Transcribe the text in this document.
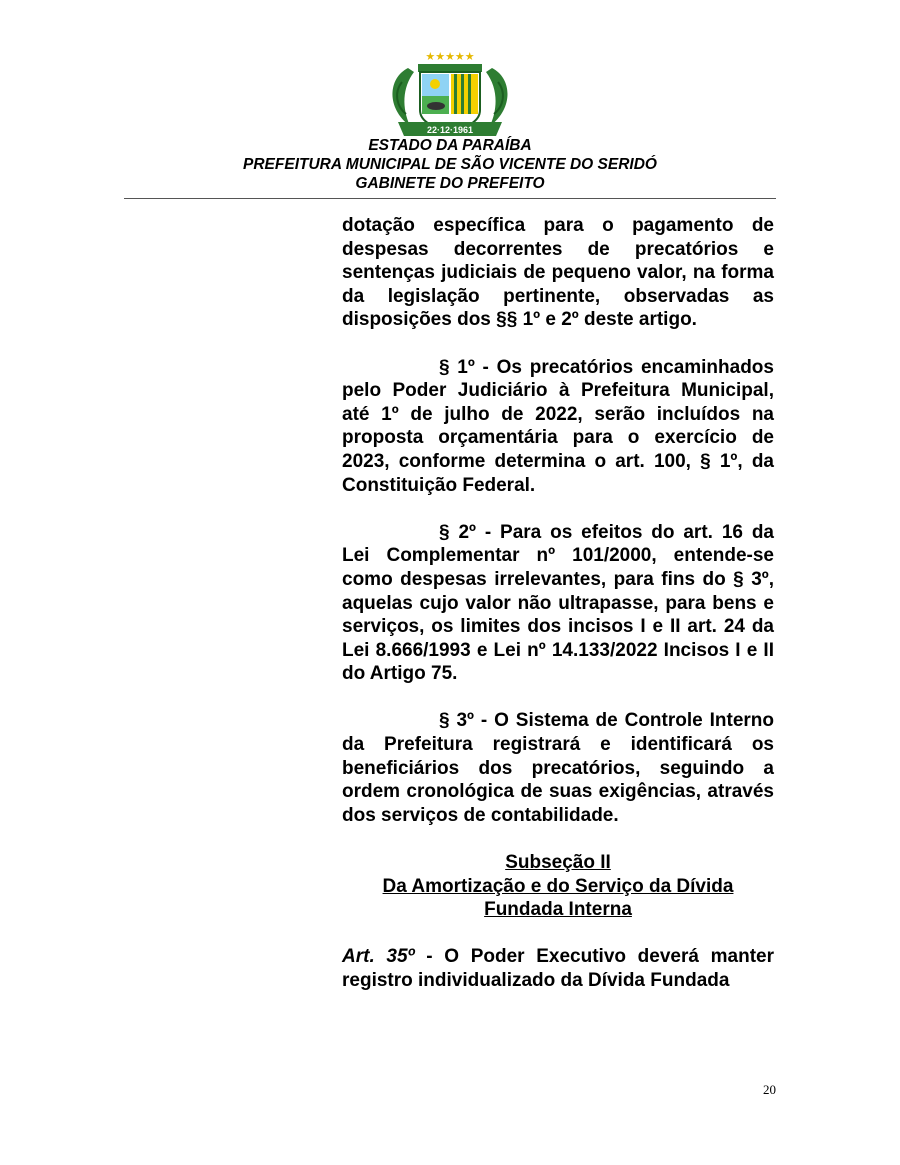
★★★★★
22·12·1961
ESTADO DA PARAÍBA
PREFEITURA MUNICIPAL DE SÃO VICENTE DO SERIDÓ
GABINETE DO PREFEITO

dotação específica para o pagamento de despesas decorrentes de precatórios e sentenças judiciais de pequeno valor, na forma da legislação pertinente, observadas as disposições dos §§ 1º e 2º deste artigo.

§ 1º - Os precatórios encaminhados pelo Poder Judiciário à Prefeitura Municipal, até 1º de julho de 2022, serão incluídos na proposta orçamentária para o exercício de 2023, conforme determina o art. 100, § 1º, da Constituição Federal.

§ 2º - Para os efeitos do art. 16 da Lei Complementar nº 101/2000, entende-se como despesas irrelevantes, para fins do § 3º, aquelas cujo valor não ultrapasse, para bens e serviços, os limites dos incisos I e II art. 24 da Lei 8.666/1993 e Lei nº 14.133/2022 Incisos I e II do Artigo 75.

§ 3º - O Sistema de Controle Interno da Prefeitura registrará e identificará os beneficiários dos precatórios, seguindo a ordem cronológica de suas exigências, através dos serviços de contabilidade.

Subseção II
Da Amortização e do Serviço da Dívida
Fundada Interna

Art. 35º - O Poder Executivo deverá manter registro individualizado da Dívida Fundada

20
